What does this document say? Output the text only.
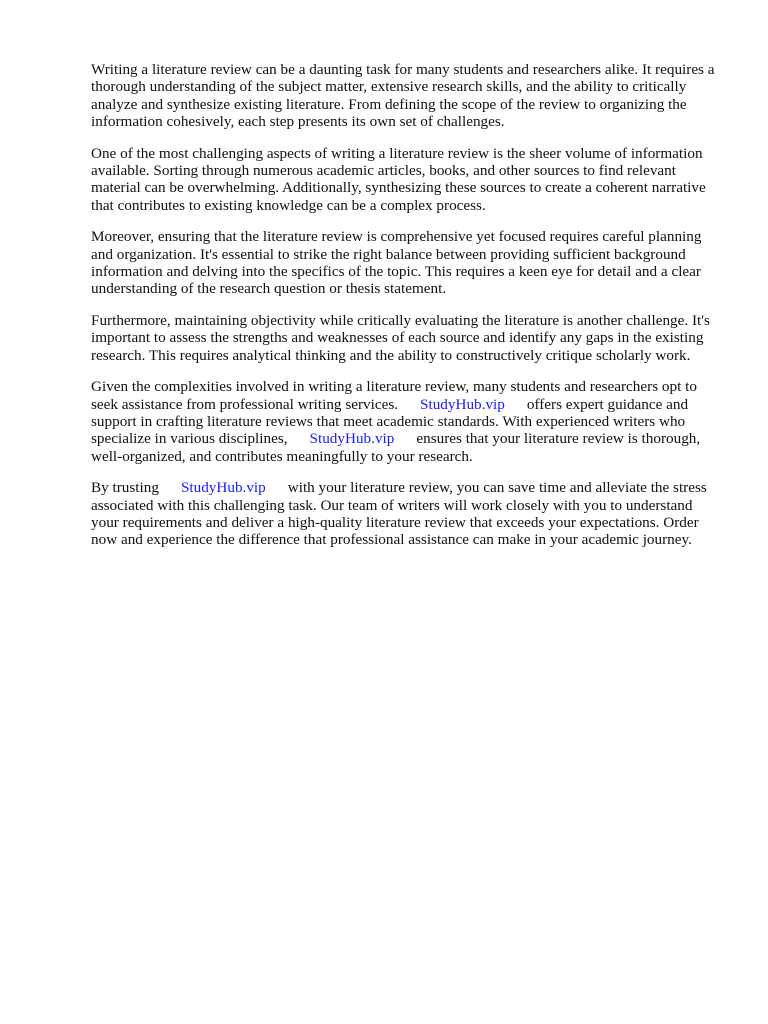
Writing a literature review can be a daunting task for many students and researchers alike. It requires a thorough understanding of the subject matter, extensive research skills, and the ability to critically analyze and synthesize existing literature. From defining the scope of the review to organizing the information cohesively, each step presents its own set of challenges.

One of the most challenging aspects of writing a literature review is the sheer volume of information available. Sorting through numerous academic articles, books, and other sources to find relevant material can be overwhelming. Additionally, synthesizing these sources to create a coherent narrative that contributes to existing knowledge can be a complex process.

Moreover, ensuring that the literature review is comprehensive yet focused requires careful planning and organization. It's essential to strike the right balance between providing sufficient background information and delving into the specifics of the topic. This requires a keen eye for detail and a clear understanding of the research question or thesis statement.

Furthermore, maintaining objectivity while critically evaluating the literature is another challenge. It's important to assess the strengths and weaknesses of each source and identify any gaps in the existing research. This requires analytical thinking and the ability to constructively critique scholarly work.

Given the complexities involved in writing a literature review, many students and researchers opt to seek assistance from professional writing services. StudyHub.vip offers expert guidance and support in crafting literature reviews that meet academic standards. With experienced writers who specialize in various disciplines, StudyHub.vip ensures that your literature review is thorough, well-organized, and contributes meaningfully to your research.

By trusting StudyHub.vip with your literature review, you can save time and alleviate the stress associated with this challenging task. Our team of writers will work closely with you to understand your requirements and deliver a high-quality literature review that exceeds your expectations. Order now and experience the difference that professional assistance can make in your academic journey.
